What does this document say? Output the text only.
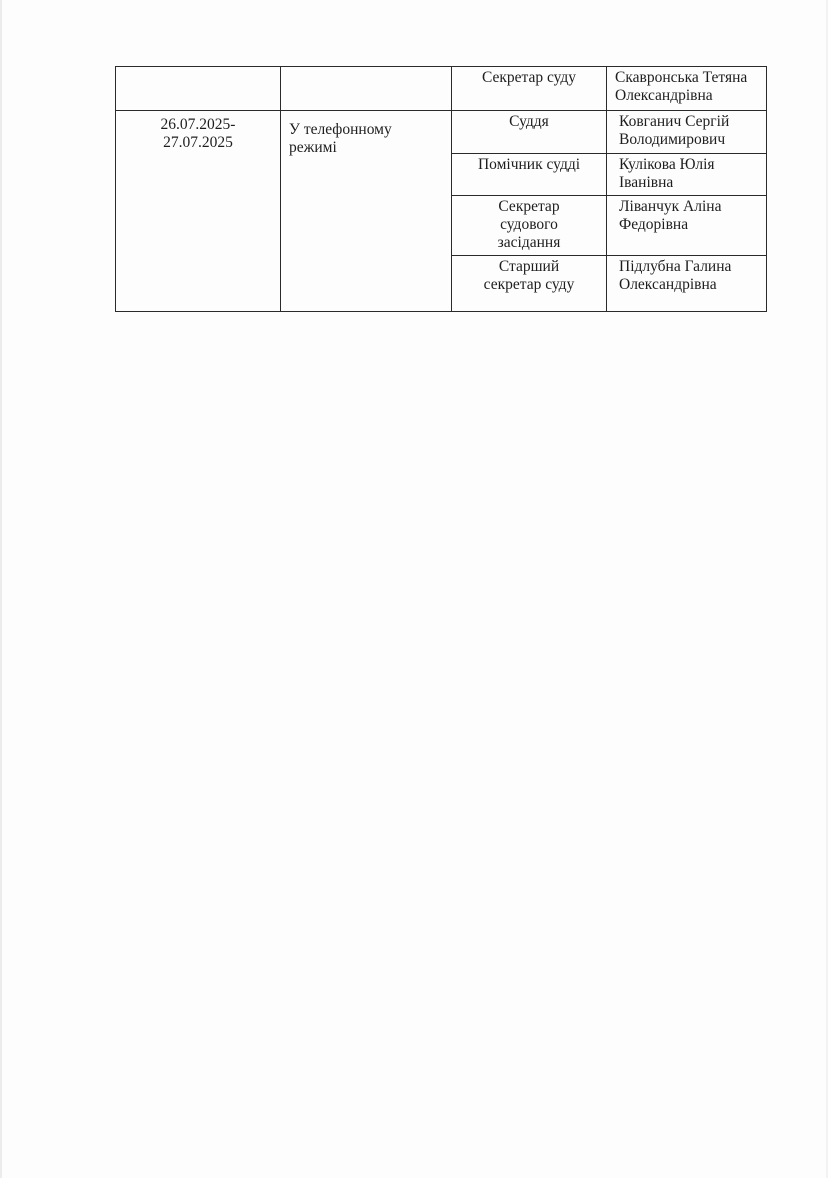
		Секретар суду	Скавронська Тетяна
Олександрівна

26.07.2025-
27.07.2025	У телефонному
режимі	Суддя	Ковганич Сергій
Володимирович

		Помічник судді	Кулікова Юлія
Іванівна

		Секретар
судового
засідання	Ліванчук Аліна
Федорівна

		Старший
секретар суду	Підлубна Галина
Олександрівна
